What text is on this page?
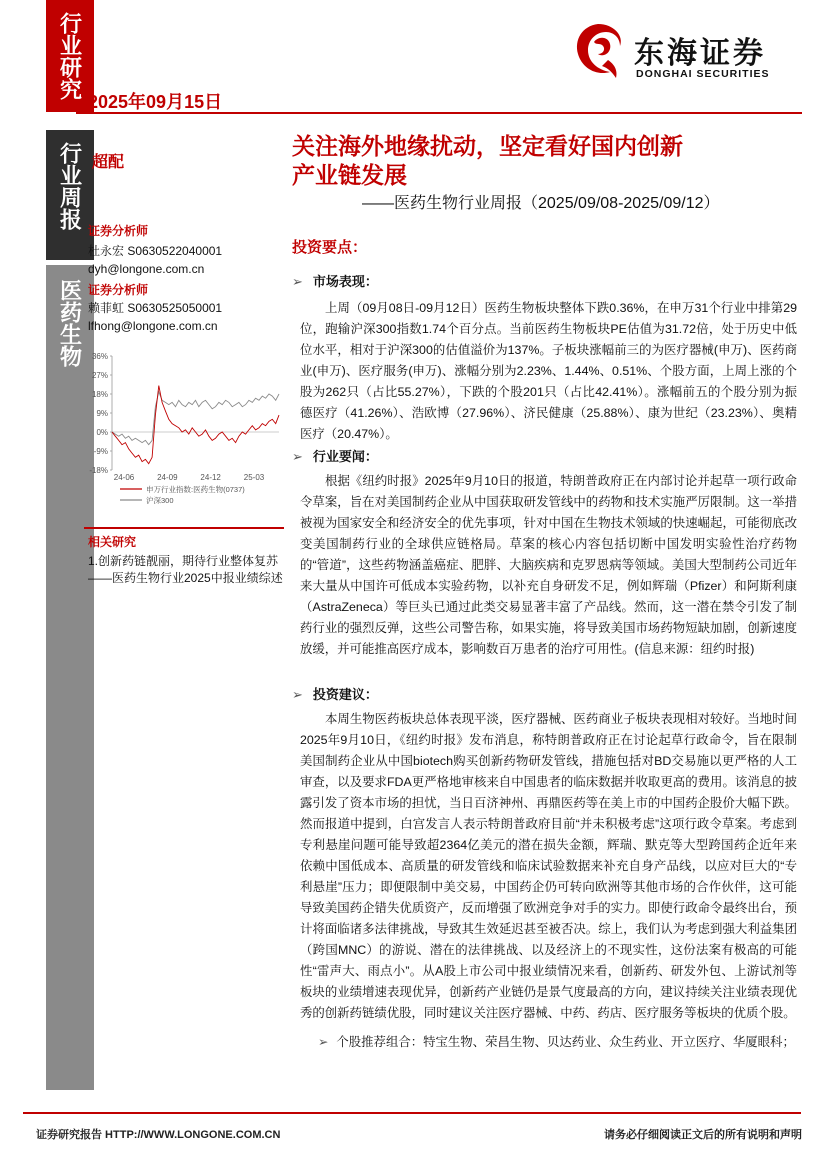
行业研究
行业周报
医药生物
东海证券
DONGHAI SECURITIES
2025年09月15日
超配
关注海外地缘扰动，坚定看好国内创新
产业链发展
——医药生物行业周报（2025/09/08-2025/09/12）
证券分析师
杜永宏 S0630522040001
dyh@longone.com.cn
证券分析师
赖菲虹 S0630525050001
lfhong@longone.com.cn
36%
27%
18%
9%
0%
-9%
-18%
24-06	24-09	24-12	25-03
申万行业指数:医药生物(0737)
沪深300
相关研究
1.创新药链靓丽，期待行业整体复苏——医药生物行业2025中报业绩综述
投资要点：
➢ 市场表现：

上周（09月08日-09月12日）医药生物板块整体下跌0.36%，在申万31个行业中排第29位，跑输沪深300指数1.74个百分点。当前医药生物板块PE估值为31.72倍，处于历史中低位水平，相对于沪深300的估值溢价为137%。子板块涨幅前三的为医疗器械(申万)、医药商业(申万)、医疗服务(申万)、涨幅分别为2.23%、1.44%、0.51%、个股方面，上周上涨的个股为262只（占比55.27%），下跌的个股201只（占比42.41%）。涨幅前五的个股分别为振德医疗（41.26%）、浩欧博（27.96%）、济民健康（25.88%）、康为世纪（23.23%）、奥精医疗（20.47%）。

➢ 行业要闻：

根据《纽约时报》2025年9月10日的报道，特朗普政府正在内部讨论并起草一项行政命令草案，旨在对美国制药企业从中国获取研发管线中的药物和技术实施严厉限制。这一举措被视为国家安全和经济安全的优先事项，针对中国在生物技术领域的快速崛起，可能彻底改变美国制药行业的全球供应链格局。草案的核心内容包括切断中国发明实验性治疗药物的“管道”，这些药物涵盖癌症、肥胖、大脑疾病和克罗恩病等领域。美国大型制药公司近年来大量从中国许可低成本实验药物，以补充自身研发不足，例如辉瑞（Pfizer）和阿斯利康（AstraZeneca）等巨头已通过此类交易显著丰富了产品线。然而，这一潜在禁令引发了制药行业的强烈反弹，这些公司警告称，如果实施，将导致美国市场药物短缺加剧，创新速度放缓，并可能推高医疗成本，影响数百万患者的治疗可用性。(信息来源：纽约时报)

➢ 投资建议：

本周生物医药板块总体表现平淡，医疗器械、医药商业子板块表现相对较好。当地时间2025年9月10日，《纽约时报》发布消息，称特朗普政府正在讨论起草行政命令，旨在限制美国制药企业从中国biotech购买创新药物研发管线，措施包括对BD交易施以更严格的人工审查，以及要求FDA更严格地审核来自中国患者的临床数据并收取更高的费用。该消息的披露引发了资本市场的担忧，当日百济神州、再鼎医药等在美上市的中国药企股价大幅下跌。然而报道中提到，白宫发言人表示特朗普政府目前“并未积极考虑”这项行政令草案。考虑到专利悬崖问题可能导致超2364亿美元的潜在损失金额，辉瑞、默克等大型跨国药企近年来依赖中国低成本、高质量的研发管线和临床试验数据来补充自身产品线，以应对巨大的“专利悬崖”压力；即便限制中美交易，中国药企仍可转向欧洲等其他市场的合作伙伴，这可能导致美国药企错失优质资产，反而增强了欧洲竞争对手的实力。即使行政命令最终出台，预计将面临诸多法律挑战，导致其生效延迟甚至被否决。综上，我们认为考虑到强大利益集团（跨国MNC）的游说、潜在的法律挑战、以及经济上的不现实性，这份法案有极高的可能性“雷声大、雨点小”。从A股上市公司中报业绩情况来看，创新药、研发外包、上游试剂等板块的业绩增速表现优异，创新药产业链仍是景气度最高的方向，建议持续关注业绩表现优秀的创新药链绩优股，同时建议关注医疗器械、中药、药店、医疗服务等板块的优质个股。

➢ 个股推荐组合：特宝生物、荣昌生物、贝达药业、众生药业、开立医疗、华厦眼科；
证券研究报告 HTTP://WWW.LONGONE.COM.CN	请务必仔细阅读正文后的所有说明和声明
